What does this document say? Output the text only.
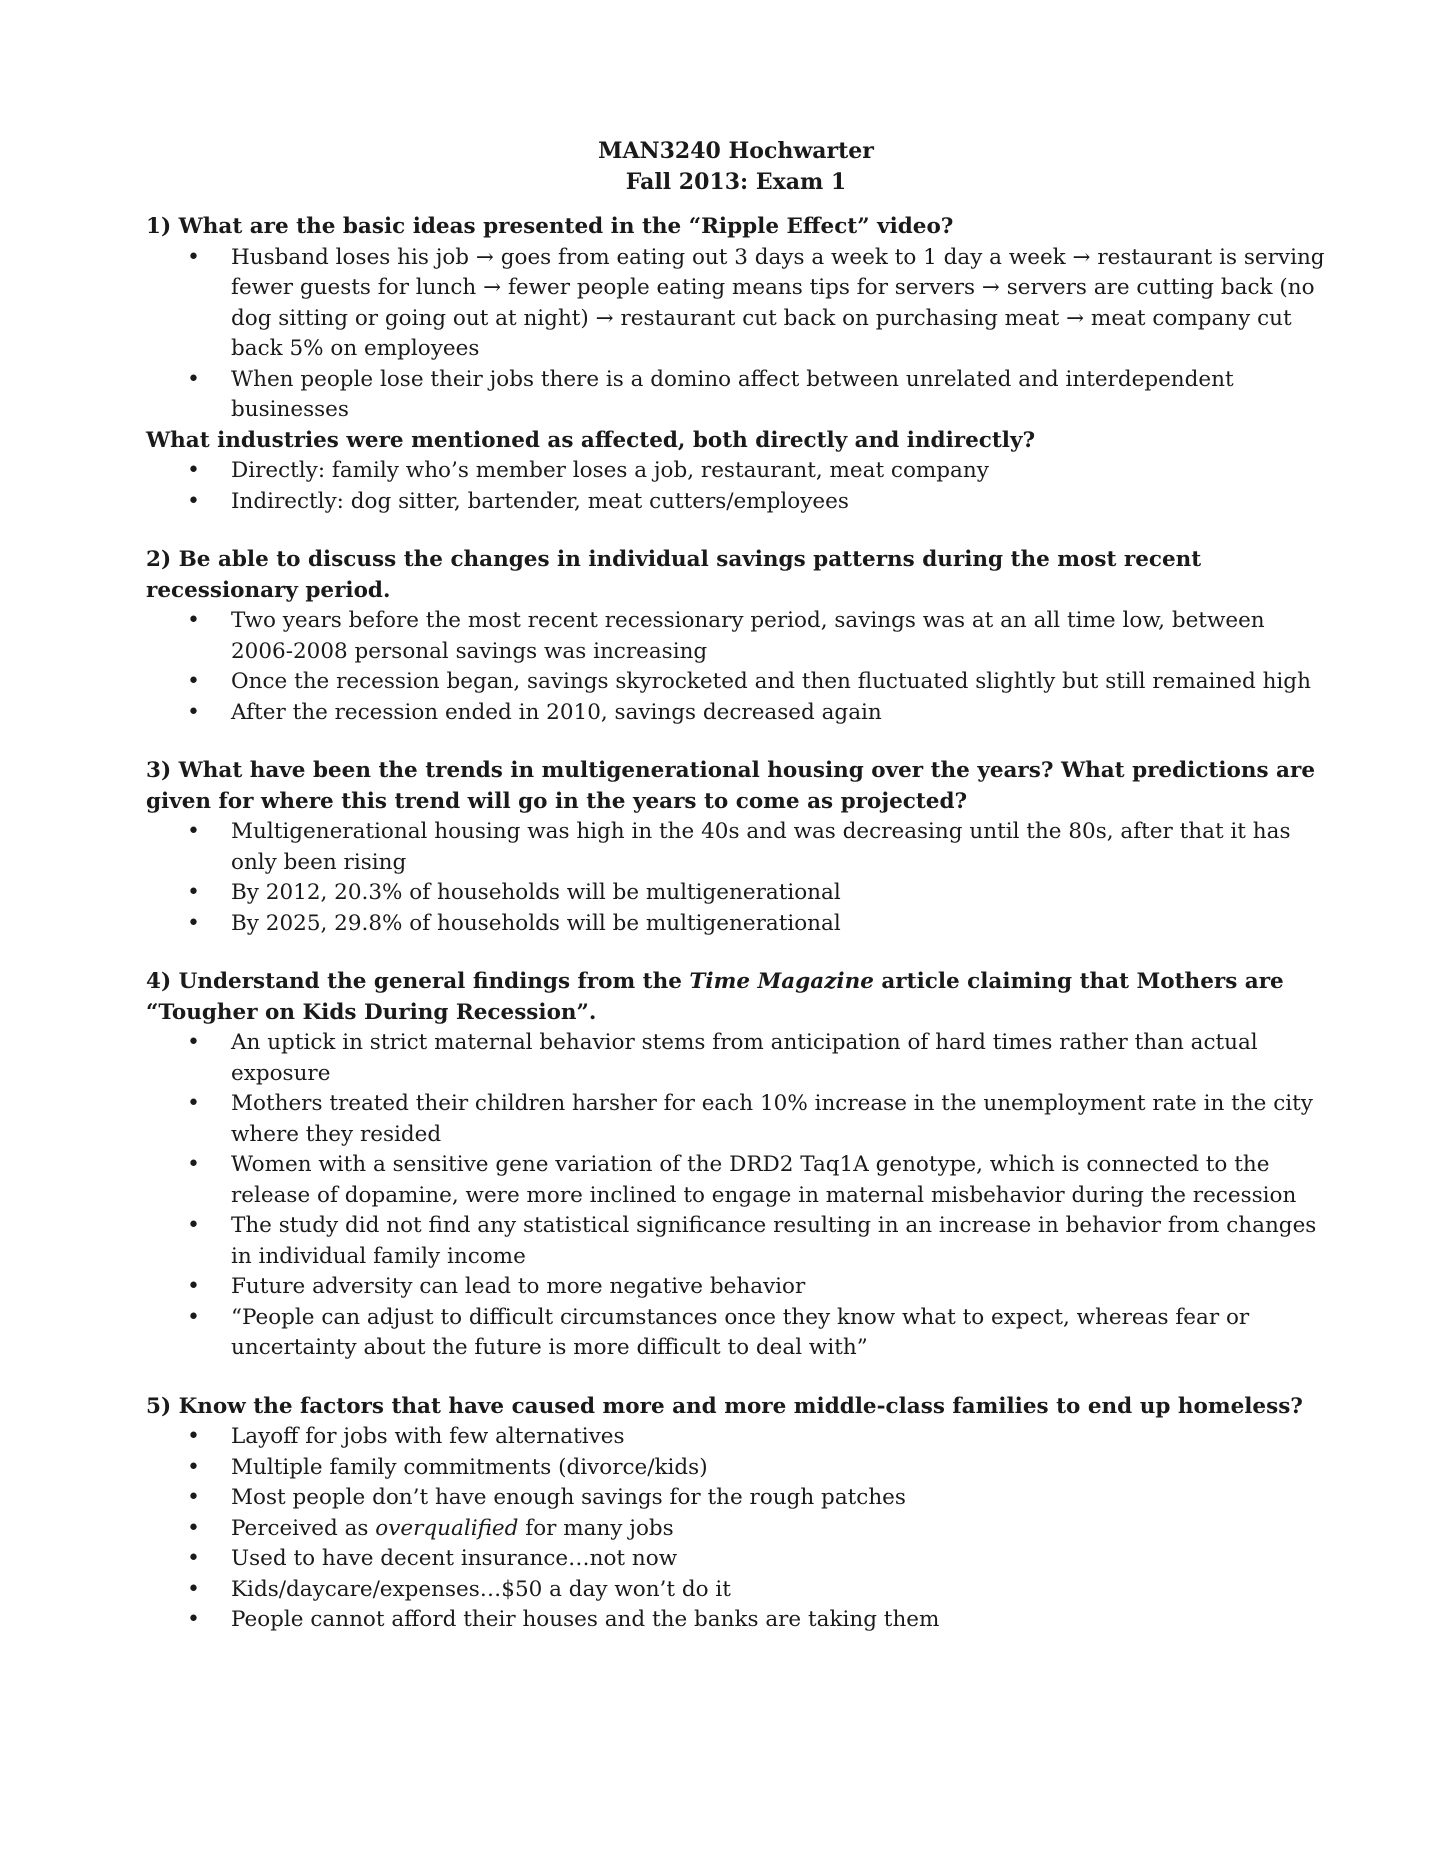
MAN3240 Hochwarter

Fall 2013: Exam 1

1) What are the basic ideas presented in the “Ripple Effect” video?

• Husband loses his job → goes from eating out 3 days a week to 1 day a week → restaurant is serving fewer guests for lunch → fewer people eating means tips for servers → servers are cutting back (no dog sitting or going out at night) → restaurant cut back on purchasing meat → meat company cut back 5% on employees
• When people lose their jobs there is a domino affect between unrelated and interdependent businesses

What industries were mentioned as affected, both directly and indirectly?

• Directly: family who’s member loses a job, restaurant, meat company
• Indirectly: dog sitter, bartender, meat cutters/employees

2) Be able to discuss the changes in individual savings patterns during the most recent recessionary period.

• Two years before the most recent recessionary period, savings was at an all time low, between 2006-2008 personal savings was increasing
• Once the recession began, savings skyrocketed and then fluctuated slightly but still remained high
• After the recession ended in 2010, savings decreased again

3) What have been the trends in multigenerational housing over the years? What predictions are given for where this trend will go in the years to come as projected?

• Multigenerational housing was high in the 40s and was decreasing until the 80s, after that it has only been rising
• By 2012, 20.3% of households will be multigenerational
• By 2025, 29.8% of households will be multigenerational

4) Understand the general findings from the Time Magazine article claiming that Mothers are “Tougher on Kids During Recession”.

• An uptick in strict maternal behavior stems from anticipation of hard times rather than actual exposure
• Mothers treated their children harsher for each 10% increase in the unemployment rate in the city where they resided
• Women with a sensitive gene variation of the DRD2 Taq1A genotype, which is connected to the release of dopamine, were more inclined to engage in maternal misbehavior during the recession
• The study did not find any statistical significance resulting in an increase in behavior from changes in individual family income
• Future adversity can lead to more negative behavior
• “People can adjust to difficult circumstances once they know what to expect, whereas fear or uncertainty about the future is more difficult to deal with”

5) Know the factors that have caused more and more middle-class families to end up homeless?

• Layoff for jobs with few alternatives
• Multiple family commitments (divorce/kids)
• Most people don’t have enough savings for the rough patches
• Perceived as overqualified for many jobs
• Used to have decent insurance…not now
• Kids/daycare/expenses…$50 a day won’t do it
• People cannot afford their houses and the banks are taking them
